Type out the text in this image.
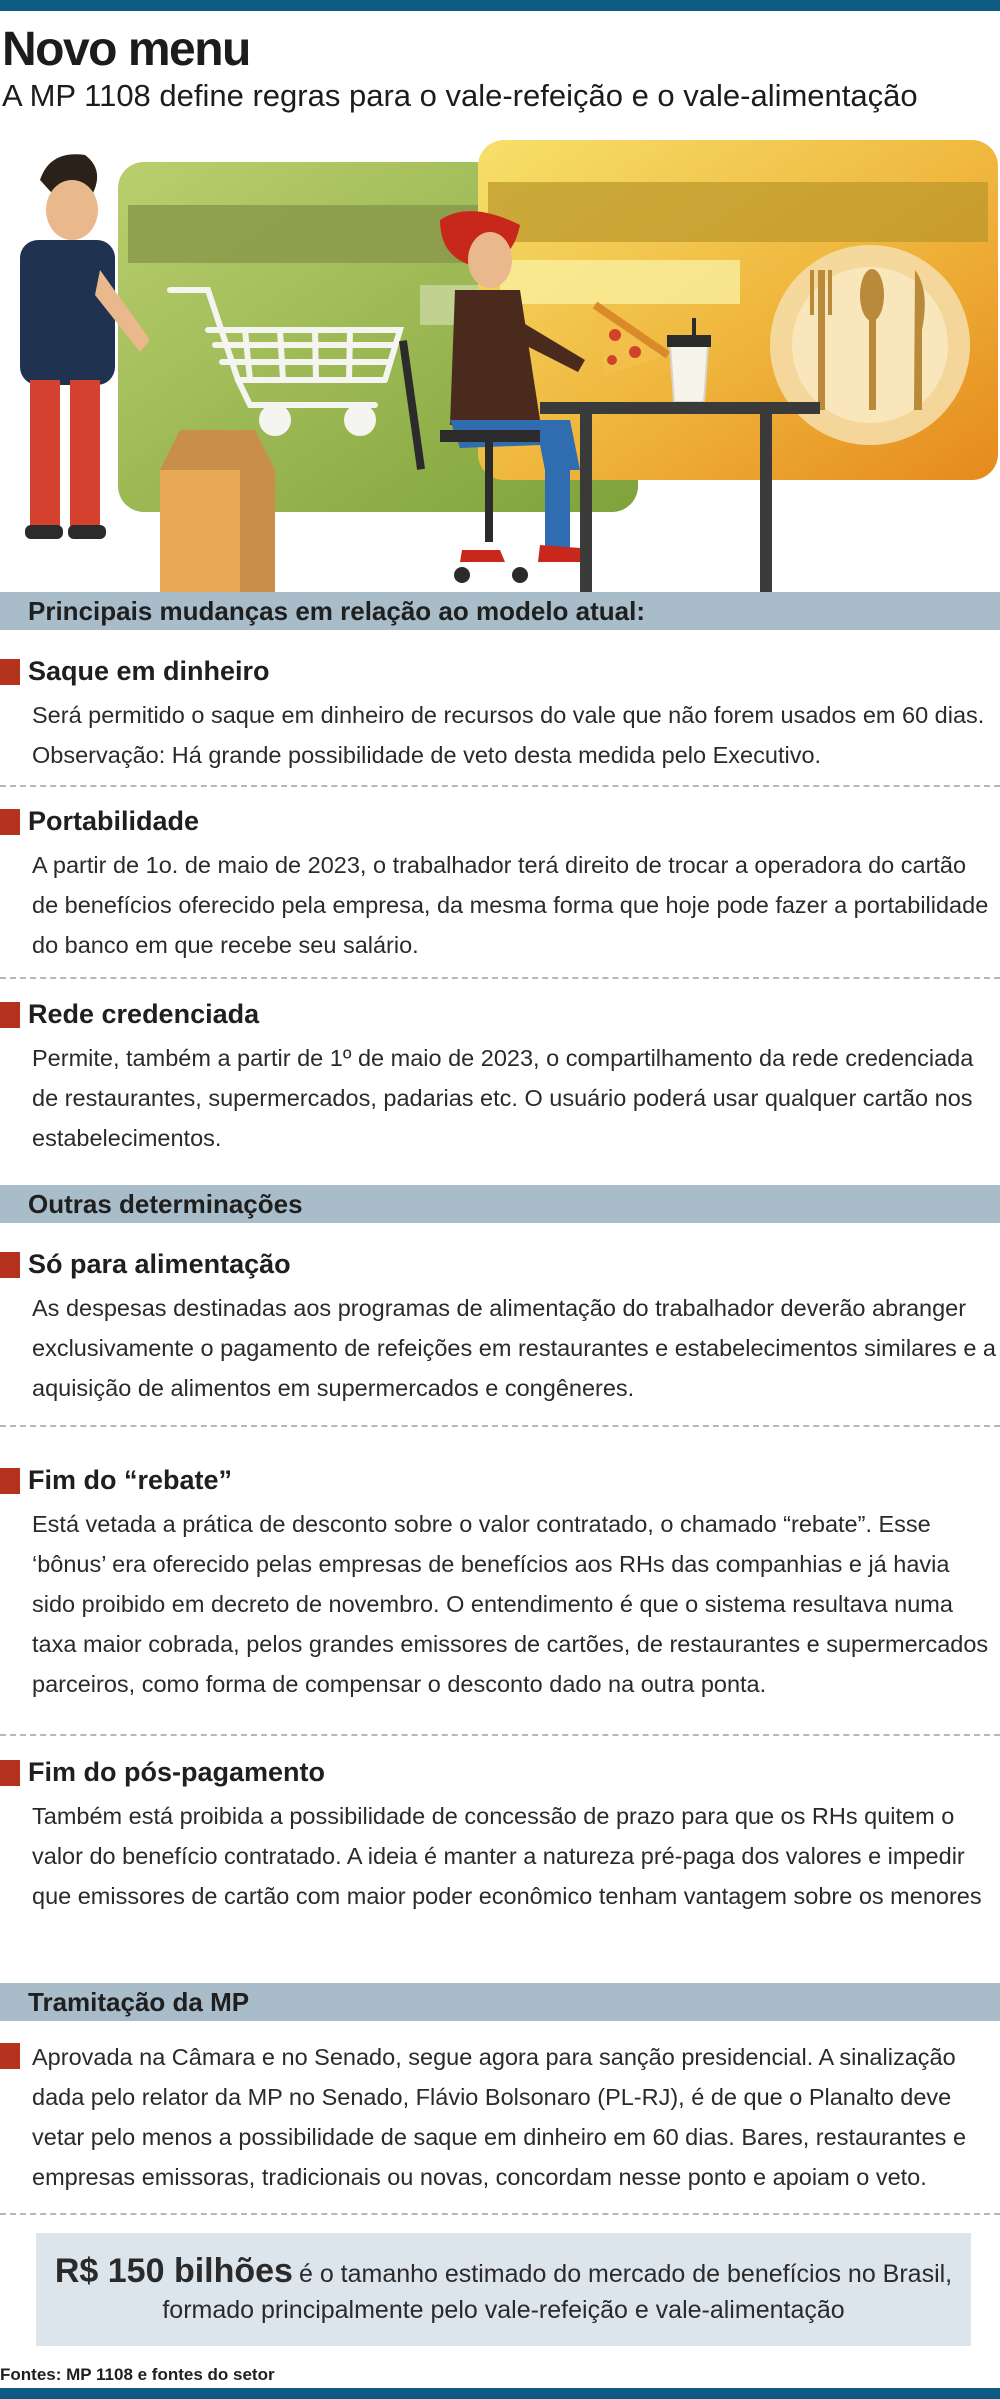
Novo menu
A MP 1108 define regras para o vale-refeição e o vale-alimentação
Principais mudanças em relação ao modelo atual:
Saque em dinheiro
Será permitido o saque em dinheiro de recursos do vale que não forem usados em 60 dias. Observação: Há grande possibilidade de veto desta medida pelo Executivo.
Portabilidade
A partir de 1o. de maio de 2023, o trabalhador terá direito de trocar a operadora do cartão de benefícios oferecido pela empresa, da mesma forma que hoje pode fazer a portabilidade do banco em que recebe seu salário.
Rede credenciada
Permite, também a partir de 1º de maio de 2023, o compartilhamento da rede credenciada de restaurantes, supermercados, padarias etc. O usuário poderá usar qualquer cartão nos estabelecimentos.
Outras determinações
Só para alimentação
As despesas destinadas aos programas de alimentação do trabalhador deverão abranger exclusivamente o pagamento de refeições em restaurantes e estabelecimentos similares e a aquisição de alimentos em supermercados e congêneres.
Fim do “rebate”
Está vetada a prática de desconto sobre o valor contratado, o chamado “rebate”. Esse ‘bônus’ era oferecido pelas empresas de benefícios aos RHs das companhias e já havia sido proibido em decreto de novembro. O entendimento é que o sistema resultava numa taxa maior cobrada, pelos grandes emissores de cartões, de restaurantes e supermercados parceiros, como forma de compensar o desconto dado na outra ponta.
Fim do pós-pagamento
Também está proibida a possibilidade de concessão de prazo para que os RHs quitem o valor do benefício contratado. A ideia é manter a natureza pré-paga dos valores e impedir que emissores de cartão com maior poder econômico tenham vantagem sobre os menores
Tramitação da MP
Aprovada na Câmara e no Senado, segue agora para sanção presidencial. A sinalização dada pelo relator da MP no Senado, Flávio Bolsonaro (PL-RJ), é de que o Planalto deve vetar pelo menos a possibilidade de saque em dinheiro em 60 dias. Bares, restaurantes e empresas emissoras, tradicionais ou novas, concordam nesse ponto e apoiam o veto.
R$ 150 bilhões é o tamanho estimado do mercado de benefícios no Brasil,
formado principalmente pelo vale-refeição e vale-alimentação
Fontes: MP 1108 e fontes do setor
